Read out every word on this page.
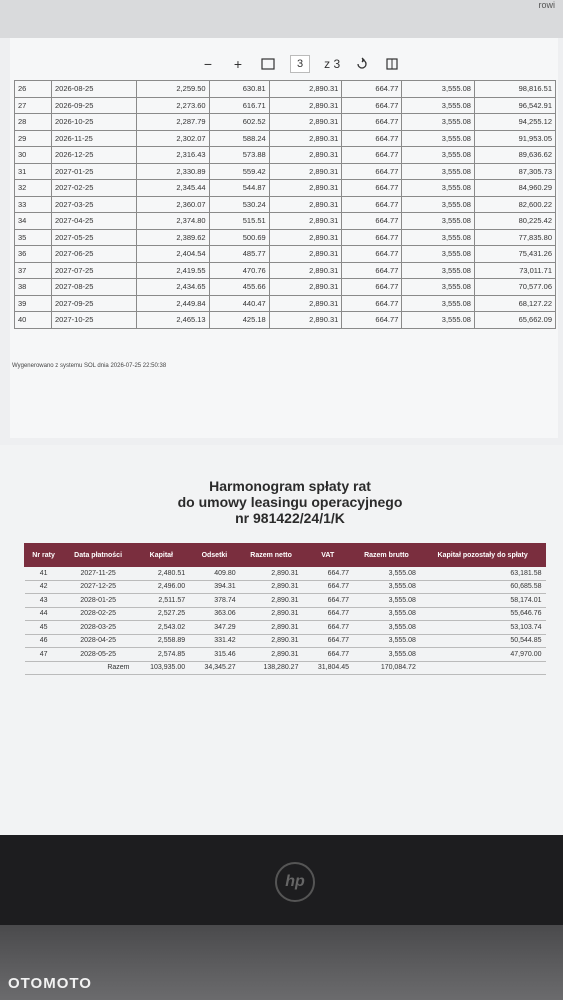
rowi
− +	3	z 3
26	2026-08-25	2,259.50	630.81	2,890.31	664.77	3,555.08	98,816.51
27	2026-09-25	2,273.60	616.71	2,890.31	664.77	3,555.08	96,542.91
28	2026-10-25	2,287.79	602.52	2,890.31	664.77	3,555.08	94,255.12
29	2026-11-25	2,302.07	588.24	2,890.31	664.77	3,555.08	91,953.05
30	2026-12-25	2,316.43	573.88	2,890.31	664.77	3,555.08	89,636.62
31	2027-01-25	2,330.89	559.42	2,890.31	664.77	3,555.08	87,305.73
32	2027-02-25	2,345.44	544.87	2,890.31	664.77	3,555.08	84,960.29
33	2027-03-25	2,360.07	530.24	2,890.31	664.77	3,555.08	82,600.22
34	2027-04-25	2,374.80	515.51	2,890.31	664.77	3,555.08	80,225.42
35	2027-05-25	2,389.62	500.69	2,890.31	664.77	3,555.08	77,835.80
36	2027-06-25	2,404.54	485.77	2,890.31	664.77	3,555.08	75,431.26
37	2027-07-25	2,419.55	470.76	2,890.31	664.77	3,555.08	73,011.71
38	2027-08-25	2,434.65	455.66	2,890.31	664.77	3,555.08	70,577.06
39	2027-09-25	2,449.84	440.47	2,890.31	664.77	3,555.08	68,127.22
40	2027-10-25	2,465.13	425.18	2,890.31	664.77	3,555.08	65,662.09
Wygenerowano z systemu SOL dnia 2026-07-25 22:50:38
Harmonogram spłaty rat
do umowy leasingu operacyjnego
nr 981422/24/1/K
Nr raty	Data płatności	Kapitał	Odsetki	Razem netto	VAT	Razem brutto	Kapitał pozostały do spłaty
41	2027-11-25	2,480.51	409.80	2,890.31	664.77	3,555.08	63,181.58
42	2027-12-25	2,496.00	394.31	2,890.31	664.77	3,555.08	60,685.58
43	2028-01-25	2,511.57	378.74	2,890.31	664.77	3,555.08	58,174.01
44	2028-02-25	2,527.25	363.06	2,890.31	664.77	3,555.08	55,646.76
45	2028-03-25	2,543.02	347.29	2,890.31	664.77	3,555.08	53,103.74
46	2028-04-25	2,558.89	331.42	2,890.31	664.77	3,555.08	50,544.85
47	2028-05-25	2,574.85	315.46	2,890.31	664.77	3,555.08	47,970.00
	Razem	103,935.00	34,345.27	138,280.27	31,804.45	170,084.72	
hp
OTOMOTO
